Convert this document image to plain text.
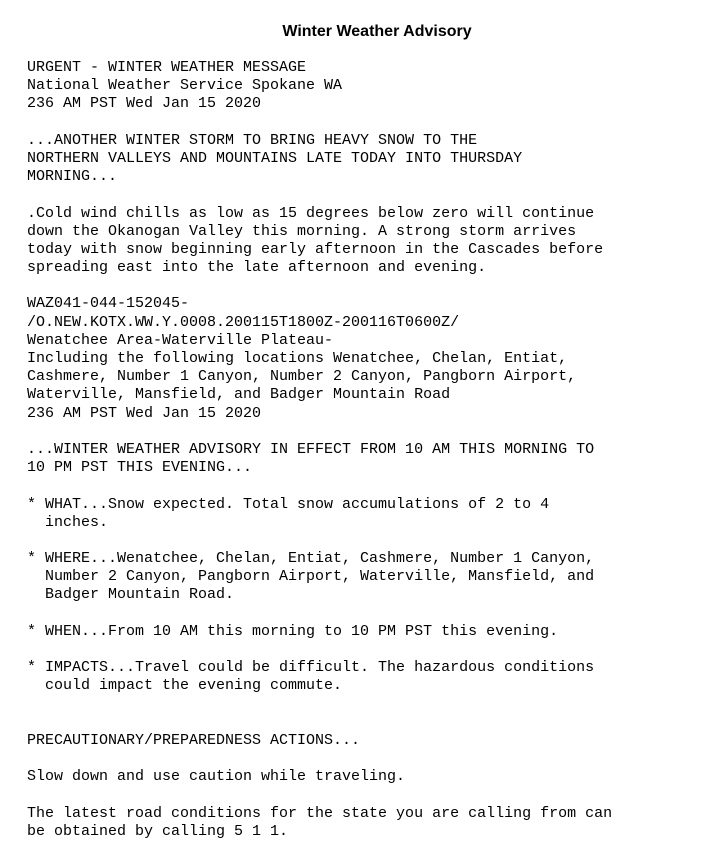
Winter Weather Advisory
URGENT - WINTER WEATHER MESSAGE
National Weather Service Spokane WA
236 AM PST Wed Jan 15 2020
...ANOTHER WINTER STORM TO BRING HEAVY SNOW TO THE
NORTHERN VALLEYS AND MOUNTAINS LATE TODAY INTO THURSDAY
MORNING...
.Cold wind chills as low as 15 degrees below zero will continue
down the Okanogan Valley this morning. A strong storm arrives
today with snow beginning early afternoon in the Cascades before
spreading east into the late afternoon and evening.
WAZ041-044-152045-
/O.NEW.KOTX.WW.Y.0008.200115T1800Z-200116T0600Z/
Wenatchee Area-Waterville Plateau-
Including the following locations Wenatchee, Chelan, Entiat,
Cashmere, Number 1 Canyon, Number 2 Canyon, Pangborn Airport,
Waterville, Mansfield, and Badger Mountain Road
236 AM PST Wed Jan 15 2020
...WINTER WEATHER ADVISORY IN EFFECT FROM 10 AM THIS MORNING TO
10 PM PST THIS EVENING...
* WHAT...Snow expected. Total snow accumulations of 2 to 4
inches.
* WHERE...Wenatchee, Chelan, Entiat, Cashmere, Number 1 Canyon,
Number 2 Canyon, Pangborn Airport, Waterville, Mansfield, and
Badger Mountain Road.
* WHEN...From 10 AM this morning to 10 PM PST this evening.
* IMPACTS...Travel could be difficult. The hazardous conditions
could impact the evening commute.
PRECAUTIONARY/PREPAREDNESS ACTIONS...
Slow down and use caution while traveling.
The latest road conditions for the state you are calling from can
be obtained by calling 5 1 1.
